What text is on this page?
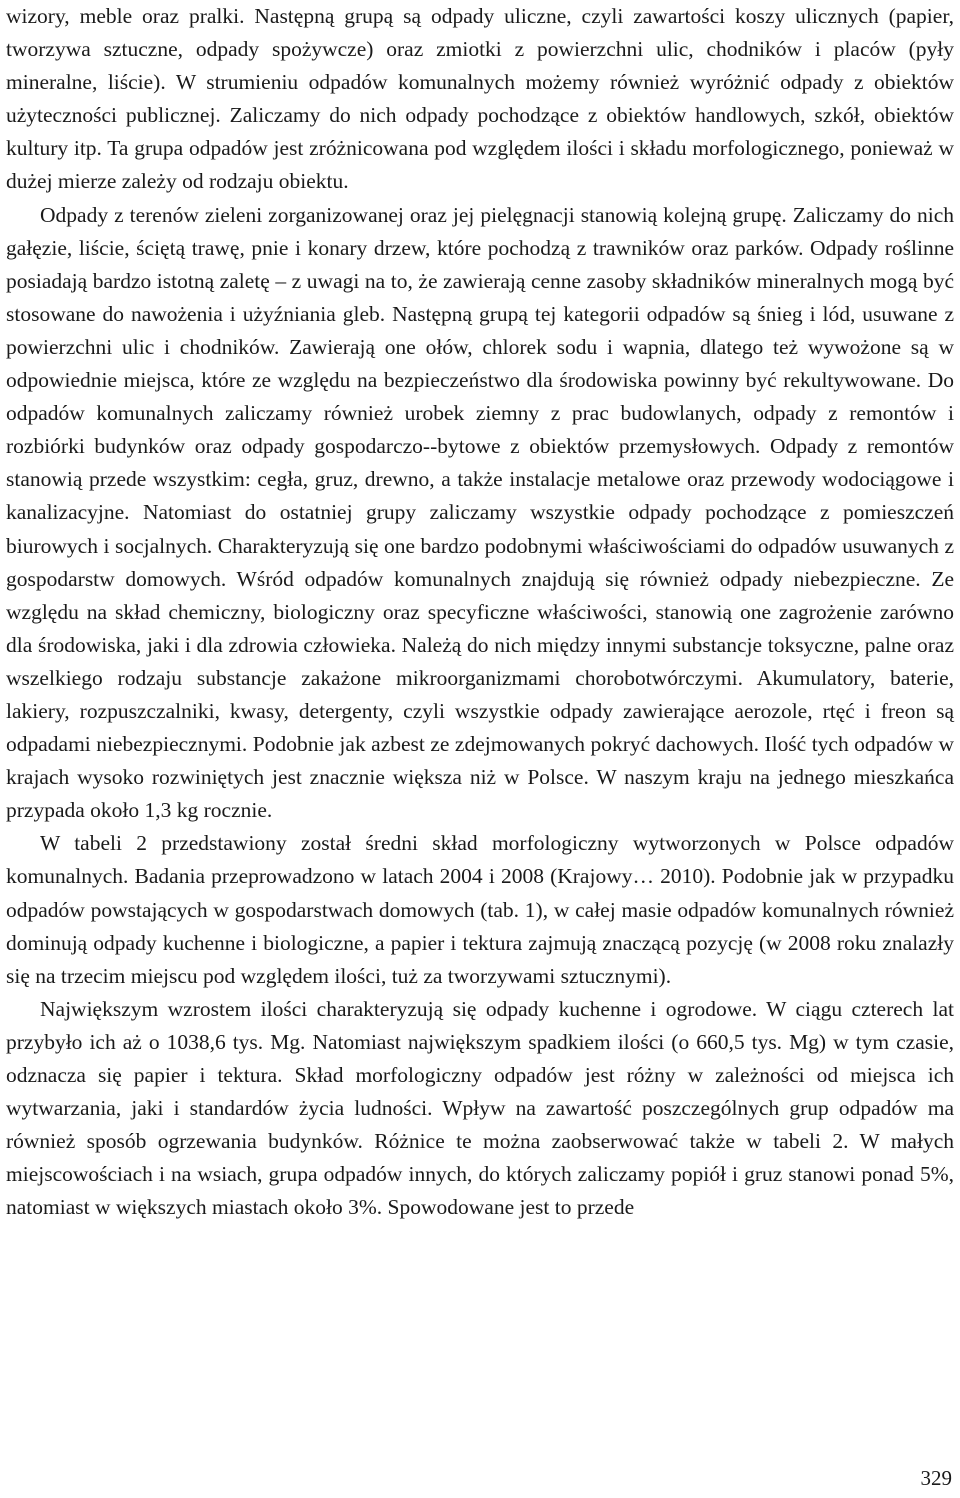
wizory, meble oraz pralki. Następną grupą są odpady uliczne, czyli zawartości koszy ulicznych (papier, tworzywa sztuczne, odpady spożywcze) oraz zmiotki z powierzchni ulic, chodników i placów (pyły mineralne, liście). W strumieniu odpadów komunalnych możemy również wyróżnić odpady z obiektów użyteczności publicznej. Zaliczamy do nich odpady pochodzące z obiektów handlowych, szkół, obiektów kultury itp. Ta grupa odpadów jest zróżnicowana pod względem ilości i składu morfologicznego, ponieważ w dużej mierze zależy od rodzaju obiektu.

Odpady z terenów zieleni zorganizowanej oraz jej pielęgnacji stanowią kolejną grupę. Zaliczamy do nich gałęzie, liście, ściętą trawę, pnie i konary drzew, które pochodzą z trawników oraz parków. Odpady roślinne posiadają bardzo istotną zaletę – z uwagi na to, że zawierają cenne zasoby składników mineralnych mogą być stosowane do nawożenia i użyźniania gleb. Następną grupą tej kategorii odpadów są śnieg i lód, usuwane z powierzchni ulic i chodników. Zawierają one ołów, chlorek sodu i wapnia, dlatego też wywożone są w odpowiednie miejsca, które ze względu na bezpieczeństwo dla środowiska powinny być rekultywowane. Do odpadów komunalnych zaliczamy również urobek ziemny z prac budowlanych, odpady z remontów i rozbiórki budynków oraz odpady gospodarczo-​-bytowe z obiektów przemysłowych. Odpady z remontów stanowią przede wszystkim: cegła, gruz, drewno, a także instalacje metalowe oraz przewody wodociągowe i kanalizacyjne. Natomiast do ostatniej grupy zaliczamy wszystkie odpady pochodzące z pomieszczeń biurowych i socjalnych. Charakteryzują się one bardzo podobnymi właściwościami do odpadów usuwanych z gospodarstw domowych. Wśród odpadów komunalnych znajdują się również odpady niebezpieczne. Ze względu na skład chemiczny, biologiczny oraz specyficzne właściwości, stanowią one zagrożenie zarówno dla środowiska, jaki i dla zdrowia człowieka. Należą do nich między innymi substancje toksyczne, palne oraz wszelkiego rodzaju substancje zakażone mikroorganizmami chorobotwórczymi. Akumulatory, baterie, lakiery, rozpuszczalniki, kwasy, detergenty, czyli wszystkie odpady zawierające aerozole, rtęć i freon są odpadami niebezpiecznymi. Podobnie jak azbest ze zdejmowanych pokryć dachowych. Ilość tych odpadów w krajach wysoko rozwiniętych jest znacznie większa niż w Polsce. W naszym kraju na jednego mieszkańca przypada około 1,3 kg rocznie.

W tabeli 2 przedstawiony został średni skład morfologiczny wytworzonych w Polsce odpadów komunalnych. Badania przeprowadzono w latach 2004 i 2008 (Krajowy… 2010). Podobnie jak w przypadku odpadów powstających w gospodarstwach domowych (tab. 1), w całej masie odpadów komunalnych również dominują odpady kuchenne i biologiczne, a papier i tektura zajmują znaczącą pozycję (w 2008 roku znalazły się na trzecim miejscu pod względem ilości, tuż za tworzywami sztucznymi).

Największym wzrostem ilości charakteryzują się odpady kuchenne i ogrodowe. W ciągu czterech lat przybyło ich aż o 1038,6 tys. Mg. Natomiast największym spadkiem ilości (o 660,5 tys. Mg) w tym czasie, odznacza się papier i tektura. Skład morfologiczny odpadów jest różny w zależności od miejsca ich wytwarzania, jaki i standardów życia ludności. Wpływ na zawartość poszczególnych grup odpadów ma również sposób ogrzewania budynków. Różnice te można zaobserwować także w tabeli 2. W małych miejscowościach i na wsiach, grupa odpadów innych, do których zaliczamy popiół i gruz stanowi ponad 5%, natomiast w większych miastach około 3%. Spowodowane jest to przede

329
